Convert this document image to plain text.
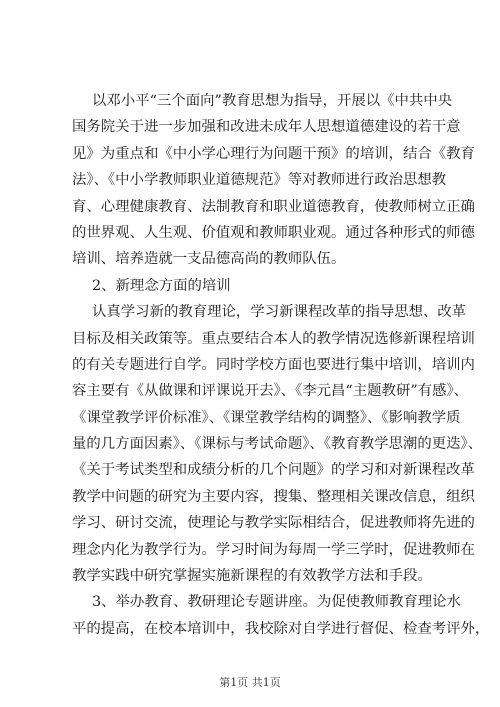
以邓小平“三个面向”教育思想为指导，开展以《中共中央
国务院关于进一步加强和改进未成年人思想道德建设的若干意
见》为重点和《中小学心理行为问题干预》的培训，结合《教育
法》、《中小学教师职业道德规范》等对教师进行政治思想教
育、心理健康教育、法制教育和职业道德教育，使教师树立正确
的世界观、人生观、价值观和教师职业观。通过各种形式的师德
培训、培养造就一支品德高尚的教师队伍。
2、新理念方面的培训
认真学习新的教育理论，学习新课程改革的指导思想、改革
目标及相关政策等。重点要结合本人的教学情况选修新课程培训
的有关专题进行自学。同时学校方面也要进行集中培训，培训内
容主要有《从做课和评课说开去》、《李元昌“主题教研”有感》、
《课堂教学评价标准》、《课堂教学结构的调整》、《影响教学质
量的几方面因素》、《课标与考试命题》、《教育教学思潮的更迭》、
《关于考试类型和成绩分析的几个问题》的学习和对新课程改革
教学中问题的研究为主要内容，搜集、整理相关课改信息，组织
学习、研讨交流，使理论与教学实际相结合，促进教师将先进的
理念内化为教学行为。学习时间为每周一学三学时，促进教师在
教学实践中研究掌握实施新课程的有效教学方法和手段。
3、举办教育、教研理论专题讲座。为促使教师教育理论水
平的提高，在校本培训中，我校除对自学进行督促、检查考评外，
第1页 共1页
